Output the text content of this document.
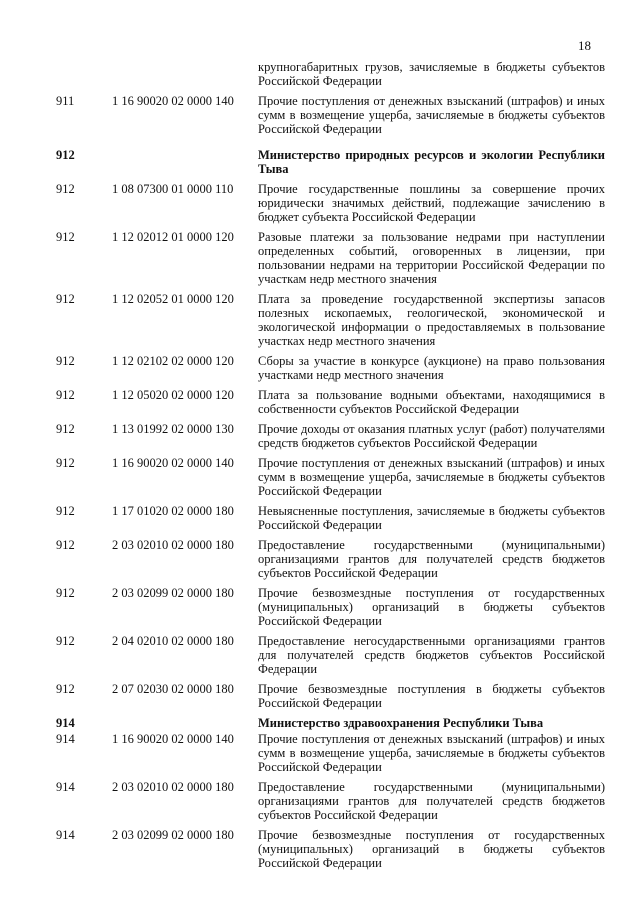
18
крупногабаритных грузов, зачисляемые в бюджеты субъектов Российской Федерации
911	1 16 90020 02 0000 140 Прочие поступления от денежных взысканий (штрафов) и иных сумм в возмещение ущерба, зачисляемые в бюджеты субъектов Российской Федерации
912	Министерство природных ресурсов и экологии Республики Тыва
912	1 08 07300 01 0000 110 Прочие государственные пошлины за совершение прочих юридически значимых действий, подлежащие зачислению в бюджет субъекта Российской Федерации
912	1 12 02012 01 0000 120 Разовые платежи за пользование недрами при наступлении определенных событий, оговоренных в лицензии, при пользовании недрами на территории Российской Федерации по участкам недр местного значения
912	1 12 02052 01 0000 120 Плата за проведение государственной экспертизы запасов полезных ископаемых, геологической, экономической и экологической информации о предоставляемых в пользование участках недр местного значения
912	1 12 02102 02 0000 120 Сборы за участие в конкурсе (аукционе) на право пользования участками недр местного значения
912	1 12 05020 02 0000 120 Плата за пользование водными объектами, находящимися в собственности субъектов Российской Федерации
912	1 13 01992 02 0000 130 Прочие доходы от оказания платных услуг (работ) получателями средств бюджетов субъектов Российской Федерации
912	1 16 90020 02 0000 140 Прочие поступления от денежных взысканий (штрафов) и иных сумм в возмещение ущерба, зачисляемые в бюджеты субъектов Российской Федерации
912	1 17 01020 02 0000 180 Невыясненные поступления, зачисляемые в бюджеты субъектов Российской Федерации
912	2 03 02010 02 0000 180 Предоставление государственными (муниципальными) организациями грантов для получателей средств бюджетов субъектов Российской Федерации
912	2 03 02099 02 0000 180 Прочие безвозмездные поступления от государственных (муниципальных) организаций в бюджеты субъектов Российской Федерации
912	2 04 02010 02 0000 180 Предоставление негосударственными организациями грантов для получателей средств бюджетов субъектов Российской Федерации
912	2 07 02030 02 0000 180 Прочие безвозмездные поступления в бюджеты субъектов Российской Федерации
914	Министерство здравоохранения Республики Тыва
914	1 16 90020 02 0000 140 Прочие поступления от денежных взысканий (штрафов) и иных сумм в возмещение ущерба, зачисляемые в бюджеты субъектов Российской Федерации
914	2 03 02010 02 0000 180 Предоставление государственными (муниципальными) организациями грантов для получателей средств бюджетов субъектов Российской Федерации
914	2 03 02099 02 0000 180 Прочие безвозмездные поступления от государственных (муниципальных) организаций в бюджеты субъектов Российской Федерации
